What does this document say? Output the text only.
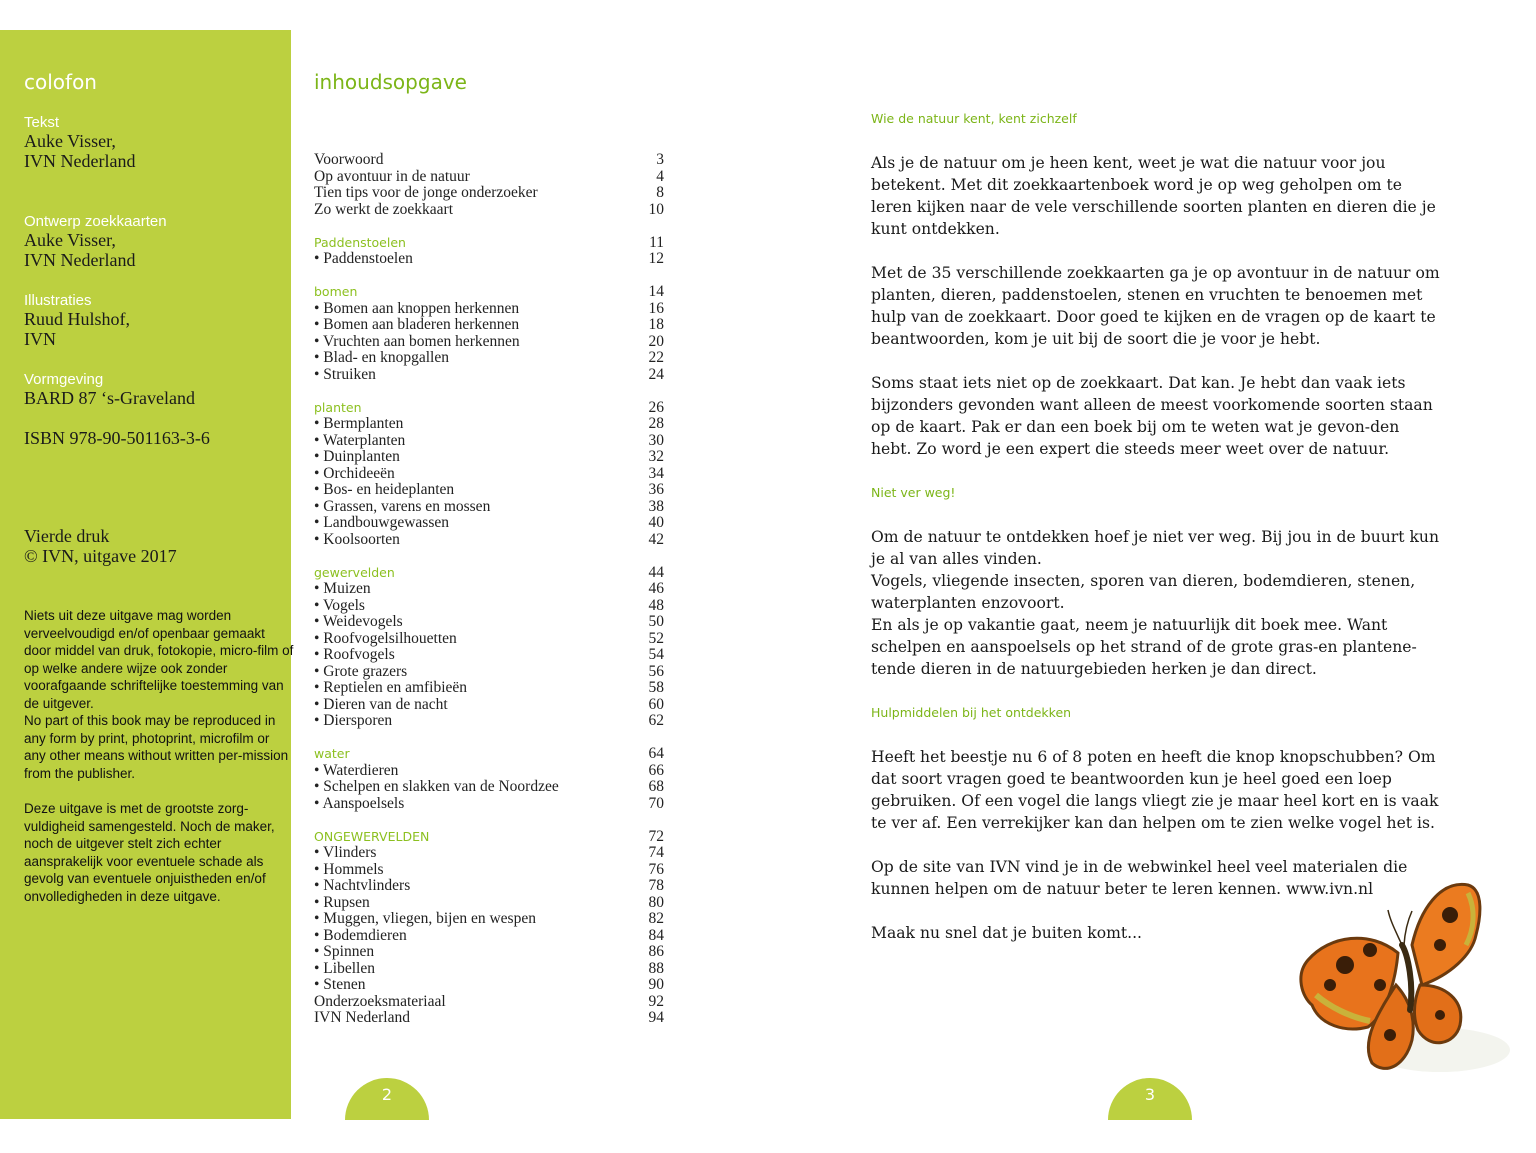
colofon
Tekst
Auke Visser,
IVN Nederland
Ontwerp zoekkaarten
Auke Visser,
IVN Nederland
Illustraties
Ruud Hulshof,
IVN
Vormgeving
BARD 87 ‘s-Graveland
ISBN 978-90-501163-3-6
Vierde druk
© IVN, uitgave 2017

Niets uit deze uitgave mag worden verveelvoudigd en/of openbaar gemaakt door middel van druk, fotokopie, micro-film of op welke andere wijze ook zonder voorafgaande schriftelijke toestemming van de uitgever.

No part of this book may be reproduced in any form by print, photoprint, microfilm or any other means without written per-mission from the publisher.

Deze uitgave is met de grootste zorg-vuldigheid samengesteld. Noch de maker, noch de uitgever stelt zich echter aansprakelijk voor eventuele schade als gevolg van eventuele onjuistheden en/of onvolledigheden in deze uitgave.

inhoudsopgave
Voorwoord	3
Op avontuur in de natuur	4
Tien tips voor de jonge onderzoeker	8
Zo werkt de zoekkaart	10
Paddenstoelen	11
• Paddenstoelen	12
bomen	14
• Bomen aan knoppen herkennen	16
• Bomen aan bladeren herkennen	18
• Vruchten aan bomen herkennen	20
• Blad- en knopgallen	22
• Struiken	24
planten	26
• Bermplanten	28
• Waterplanten	30
• Duinplanten	32
• Orchideeën	34
• Bos- en heideplanten	36
• Grassen, varens en mossen	38
• Landbouwgewassen	40
• Koolsoorten	42
gewervelden	44
• Muizen	46
• Vogels	48
• Weidevogels	50
• Roofvogelsilhouetten	52
• Roofvogels	54
• Grote grazers	56
• Reptielen en amfibieën	58
• Dieren van de nacht	60
• Diersporen	62
water	64
• Waterdieren	66
• Schelpen en slakken van de Noordzee	68
• Aanspoelsels	70
ONGEWERVELDEN	72
• Vlinders	74
• Hommels	76
• Nachtvlinders	78
• Rupsen	80
• Muggen, vliegen, bijen en wespen	82
• Bodemdieren	84
• Spinnen	86
• Libellen	88
• Stenen	90
Onderzoeksmateriaal	92
IVN Nederland	94
2	3
Wie de natuur kent, kent zichzelf

Als je de natuur om je heen kent, weet je wat die natuur voor jou betekent. Met dit zoekkaartenboek word je op weg geholpen om te leren kijken naar de vele verschillende soorten planten en dieren die je kunt ontdekken.

Met de 35 verschillende zoekkaarten ga je op avontuur in de natuur om planten, dieren, paddenstoelen, stenen en vruchten te benoemen met hulp van de zoekkaart. Door goed te kijken en de vragen op de kaart te beantwoorden, kom je uit bij de soort die je voor je hebt.

Soms staat iets niet op de zoekkaart. Dat kan. Je hebt dan vaak iets bijzonders gevonden want alleen de meest voorkomende soorten staan op de kaart. Pak er dan een boek bij om te weten wat je gevon-den hebt. Zo word je een expert die steeds meer weet over de natuur.

Niet ver weg!

Om de natuur te ontdekken hoef je niet ver weg. Bij jou in de buurt kun je al van alles vinden.
Vogels, vliegende insecten, sporen van dieren, bodemdieren, stenen, waterplanten enzovoort.
En als je op vakantie gaat, neem je natuurlijk dit boek mee. Want schelpen en aanspoelsels op het strand of de grote gras-en plantene-tende dieren in de natuurgebieden herken je dan direct.

Hulpmiddelen bij het ontdekken

Heeft het beestje nu 6 of 8 poten en heeft die knop knopschubben? Om dat soort vragen goed te beantwoorden kun je heel goed een loep gebruiken. Of een vogel die langs vliegt zie je maar heel kort en is vaak te ver af. Een verrekijker kan dan helpen om te zien welke vogel het is.

Op de site van IVN vind je in de webwinkel heel veel materialen die kunnen helpen om de natuur beter te leren kennen. www.ivn.nl

Maak nu snel dat je buiten komt...
